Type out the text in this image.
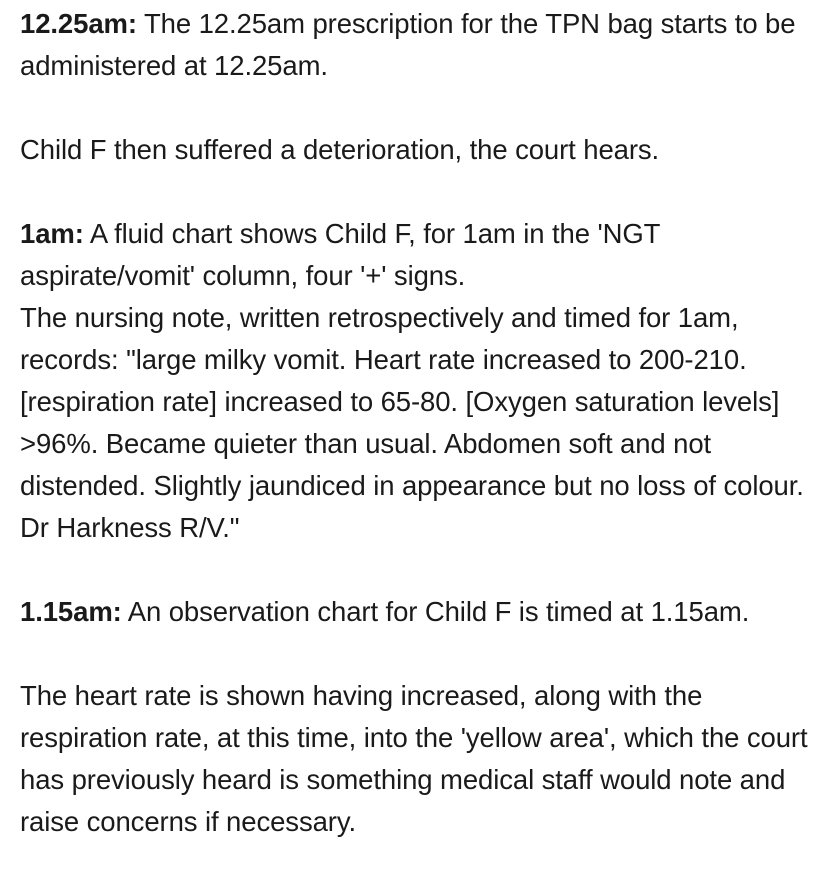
12.25am: The 12.25am prescription for the TPN bag starts to be administered at 12.25am.

Child F then suffered a deterioration, the court hears.

1am: A fluid chart shows Child F, for 1am in the 'NGT aspirate/vomit' column, four '+' signs.

The nursing note, written retrospectively and timed for 1am, records: "large milky vomit. Heart rate increased to 200-210. [respiration rate] increased to 65-80. [Oxygen saturation levels] >96%. Became quieter than usual. Abdomen soft and not distended. Slightly jaundiced in appearance but no loss of colour. Dr Harkness R/V."

1.15am: An observation chart for Child F is timed at 1.15am.

The heart rate is shown having increased, along with the respiration rate, at this time, into the 'yellow area', which the court has previously heard is something medical staff would note and raise concerns if necessary.
